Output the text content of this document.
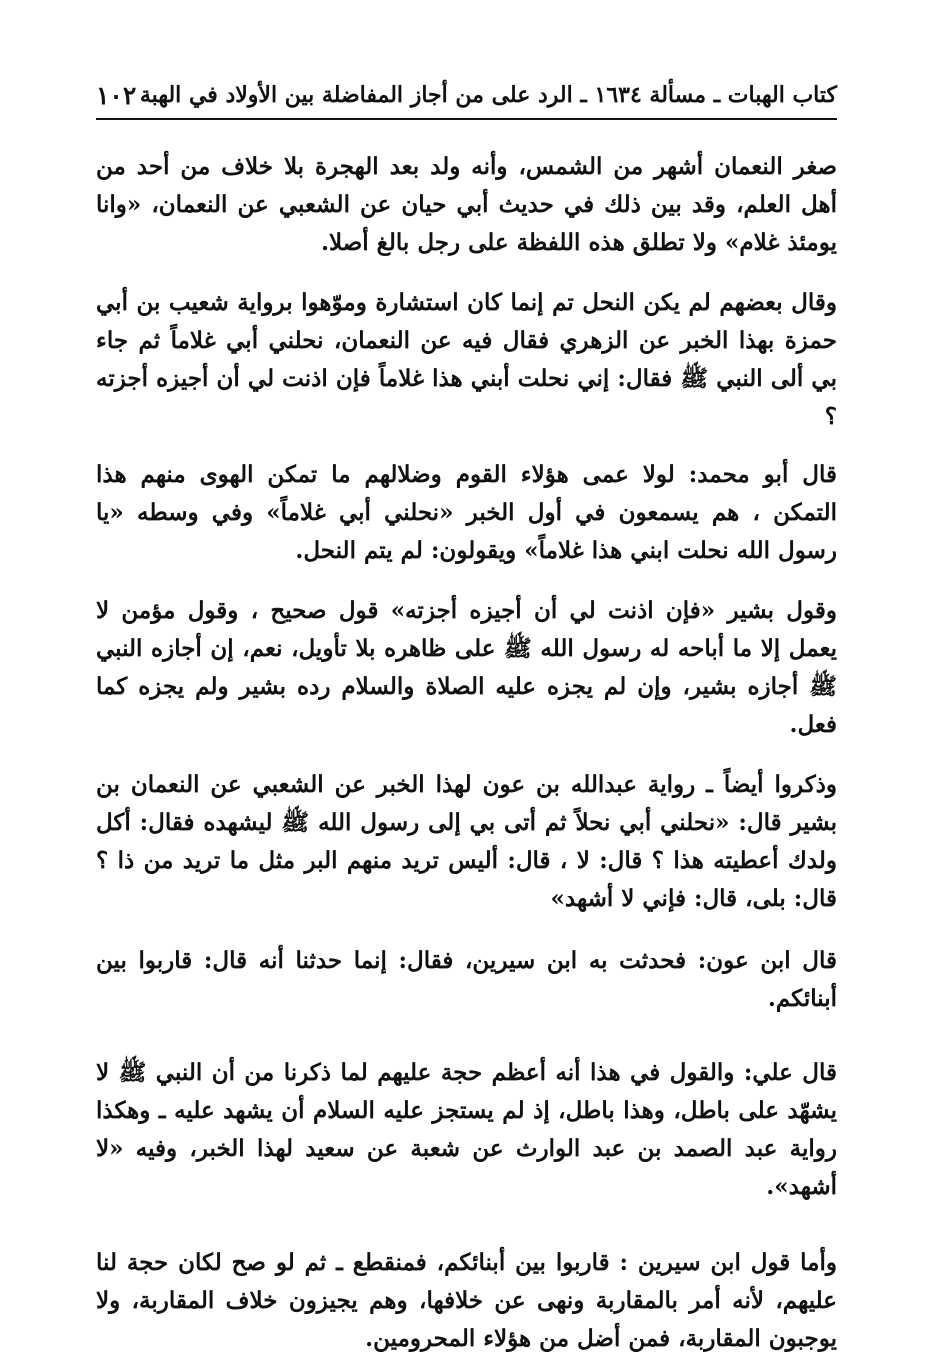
كتاب الهبات ـ مسألة ١٦٣٤ ـ الرد على من أجاز المفاضلة بين الأولاد في الهبة
١٠٢

صغر النعمان أشهر من الشمس، وأنه ولد بعد الهجرة بلا خلاف من أحد من أهل العلم، وقد بين ذلك في حديث أبي حيان عن الشعبي عن النعمان، «وانا يومئذ غلام» ولا تطلق هذه اللفظة على رجل بالغ أصلا.

وقال بعضهم لم يكن النحل تم إنما كان استشارة وموّهوا برواية شعيب بن أبي حمزة بهذا الخبر عن الزهري فقال فيه عن النعمان، نحلني أبي غلاماً ثم جاء بي ألى النبي ﷺ فقال: إني نحلت أبني هذا غلاماً فإن اذنت لي أن أجيزه أجزته ؟

قال أبو محمد: لولا عمى هؤلاء القوم وضلالهم ما تمكن الهوى منهم هذا التمكن ، هم يسمعون في أول الخبر «نحلني أبي غلاماً» وفي وسطه «يا رسول الله نحلت ابني هذا غلاماً» ويقولون: لم يتم النحل.

وقول بشير «فإن اذنت لي أن أجيزه أجزته» قول صحيح ، وقول مؤمن لا يعمل إلا ما أباحه له رسول الله ﷺ على ظاهره بلا تأويل، نعم، إن أجازه النبي ﷺ أجازه بشير، وإن لم يجزه عليه الصلاة والسلام رده بشير ولم يجزه كما فعل.

وذكروا أيضاً ـ رواية عبدالله بن عون لهذا الخبر عن الشعبي عن النعمان بن بشير قال: «نحلني أبي نحلاً ثم أتى بي إلى رسول الله ﷺ ليشهده فقال: أكل ولدك أعطيته هذا ؟ قال: لا ، قال: أليس تريد منهم البر مثل ما تريد من ذا ؟ قال: بلى، قال: فإني لا أشهد»

قال ابن عون: فحدثت به ابن سيرين، فقال: إنما حدثنا أنه قال: قاربوا بين أبنائكم.

قال علي: والقول في هذا أنه أعظم حجة عليهم لما ذكرنا من أن النبي ﷺ لا يشهّد على باطل، وهذا باطل، إذ لم يستجز عليه السلام أن يشهد عليه ـ وهكذا رواية عبد الصمد بن عبد الوارث عن شعبة عن سعيد لهذا الخبر، وفيه «لا أشهد».

وأما قول ابن سيرين : قاربوا بين أبنائكم، فمنقطع ـ ثم لو صح لكان حجة لنا عليهم، لأنه أمر بالمقاربة ونهى عن خلافها، وهم يجيزون خلاف المقاربة، ولا يوجبون المقاربة، فمن أضل من هؤلاء المحرومين.
